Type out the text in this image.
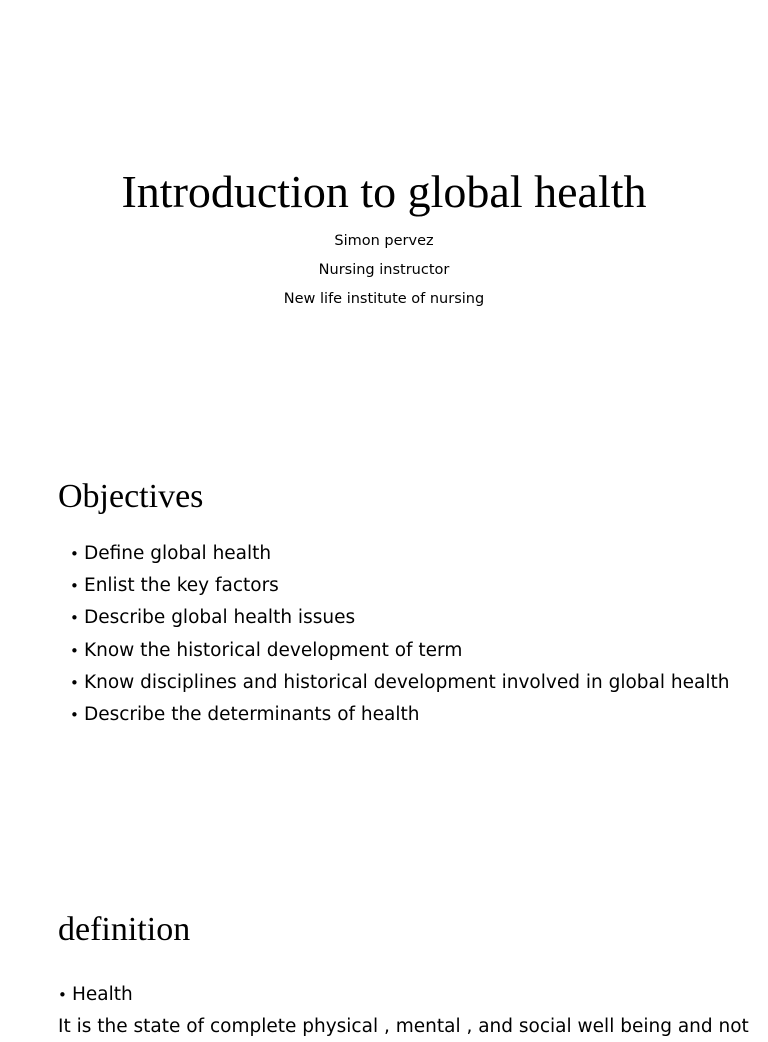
Introduction to global health
Simon pervez
Nursing instructor
New life institute of nursing
Objectives
• Define global health
• Enlist the key factors
• Describe global health issues
• Know the historical development of term
• Know disciplines and historical development involved in global health
• Describe the determinants of health
definition
• Health
It is the state of complete physical , mental , and social well being and not
